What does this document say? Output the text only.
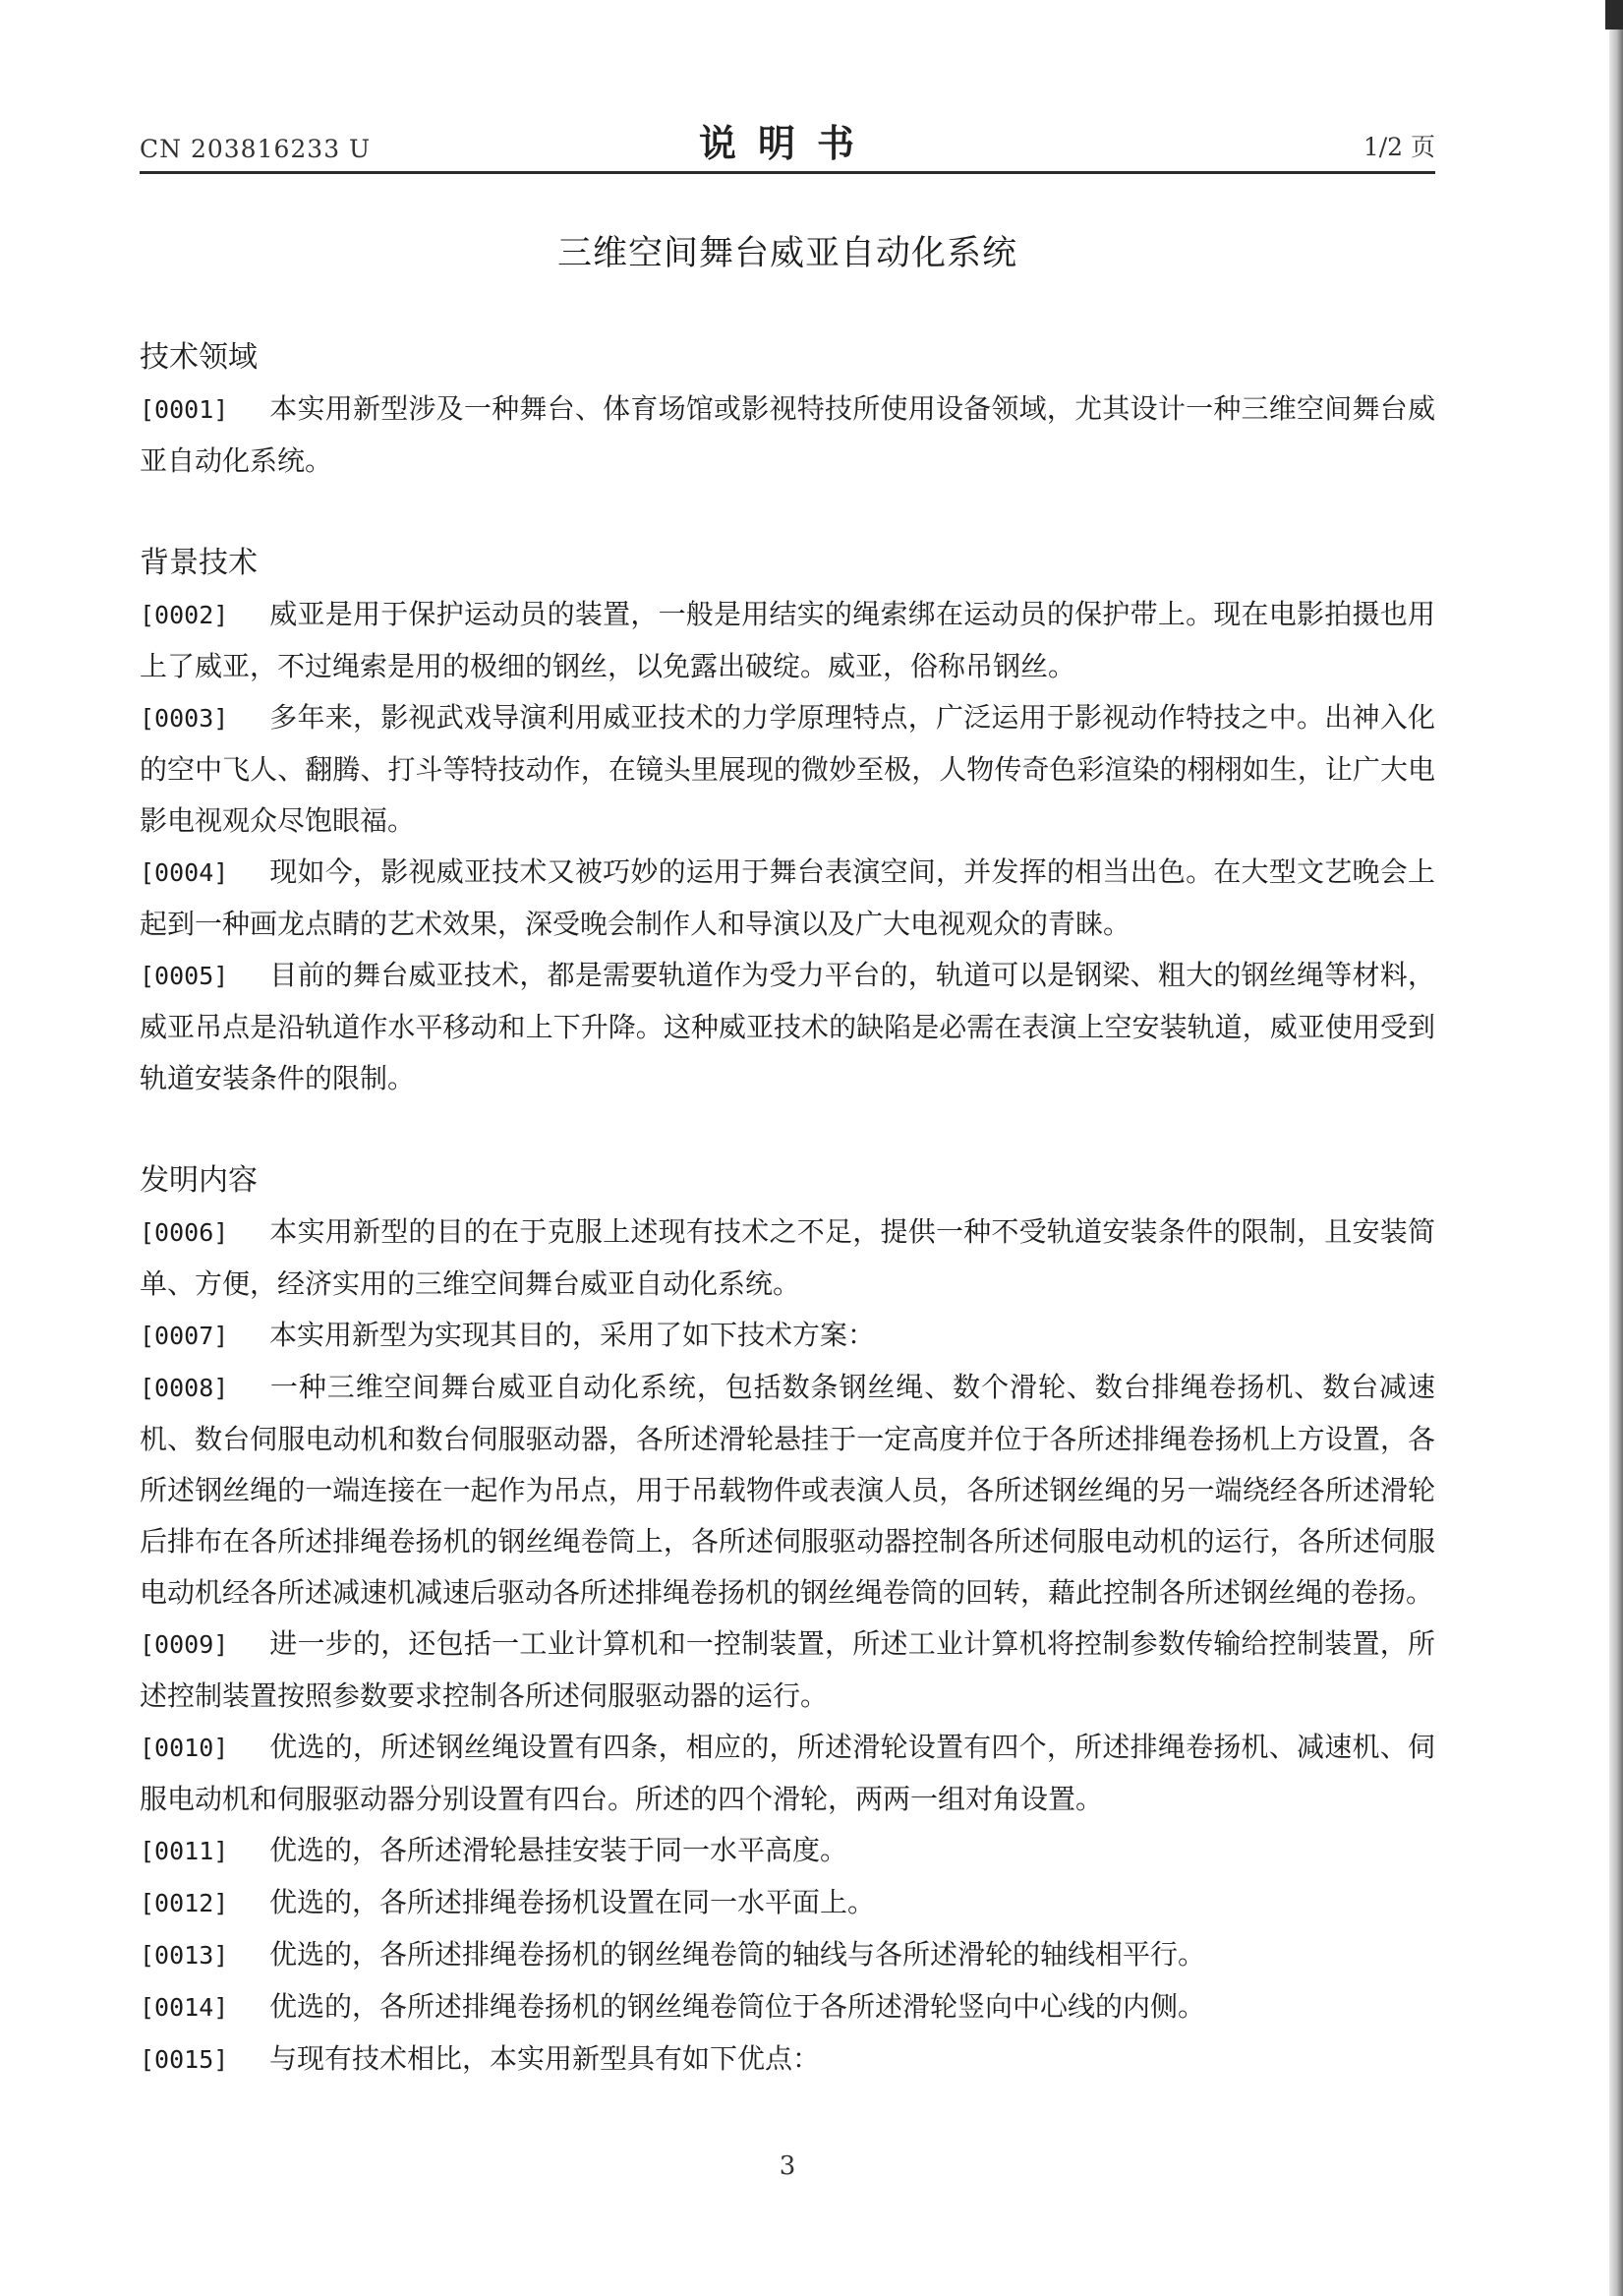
CN 203816233 U	说明书	1/2 页
三维空间舞台威亚自动化系统
技术领域
[0001] 本实用新型涉及一种舞台、体育场馆或影视特技所使用设备领域，尤其设计一种三维空间舞台威亚自动化系统。
背景技术
[0002] 威亚是用于保护运动员的装置，一般是用结实的绳索绑在运动员的保护带上。现在电影拍摄也用上了威亚，不过绳索是用的极细的钢丝，以免露出破绽。威亚，俗称吊钢丝。
[0003] 多年来，影视武戏导演利用威亚技术的力学原理特点，广泛运用于影视动作特技之中。出神入化的空中飞人、翻腾、打斗等特技动作，在镜头里展现的微妙至极，人物传奇色彩渲染的栩栩如生，让广大电影电视观众尽饱眼福。
[0004] 现如今，影视威亚技术又被巧妙的运用于舞台表演空间，并发挥的相当出色。在大型文艺晚会上起到一种画龙点睛的艺术效果，深受晚会制作人和导演以及广大电视观众的青睐。
[0005] 目前的舞台威亚技术，都是需要轨道作为受力平台的，轨道可以是钢梁、粗大的钢丝绳等材料，威亚吊点是沿轨道作水平移动和上下升降。这种威亚技术的缺陷是必需在表演上空安装轨道，威亚使用受到轨道安装条件的限制。
发明内容
[0006] 本实用新型的目的在于克服上述现有技术之不足，提供一种不受轨道安装条件的限制，且安装简单、方便，经济实用的三维空间舞台威亚自动化系统。
[0007] 本实用新型为实现其目的，采用了如下技术方案：
[0008] 一种三维空间舞台威亚自动化系统，包括数条钢丝绳、数个滑轮、数台排绳卷扬机、数台减速机、数台伺服电动机和数台伺服驱动器，各所述滑轮悬挂于一定高度并位于各所述排绳卷扬机上方设置，各所述钢丝绳的一端连接在一起作为吊点，用于吊载物件或表演人员，各所述钢丝绳的另一端绕经各所述滑轮后排布在各所述排绳卷扬机的钢丝绳卷筒上，各所述伺服驱动器控制各所述伺服电动机的运行，各所述伺服电动机经各所述减速机减速后驱动各所述排绳卷扬机的钢丝绳卷筒的回转，藉此控制各所述钢丝绳的卷扬。
[0009] 进一步的，还包括一工业计算机和一控制装置，所述工业计算机将控制参数传输给控制装置，所述控制装置按照参数要求控制各所述伺服驱动器的运行。
[0010] 优选的，所述钢丝绳设置有四条，相应的，所述滑轮设置有四个，所述排绳卷扬机、减速机、伺服电动机和伺服驱动器分别设置有四台。所述的四个滑轮，两两一组对角设置。
[0011] 优选的，各所述滑轮悬挂安装于同一水平高度。
[0012] 优选的，各所述排绳卷扬机设置在同一水平面上。
[0013] 优选的，各所述排绳卷扬机的钢丝绳卷筒的轴线与各所述滑轮的轴线相平行。
[0014] 优选的，各所述排绳卷扬机的钢丝绳卷筒位于各所述滑轮竖向中心线的内侧。
[0015] 与现有技术相比，本实用新型具有如下优点：
3
